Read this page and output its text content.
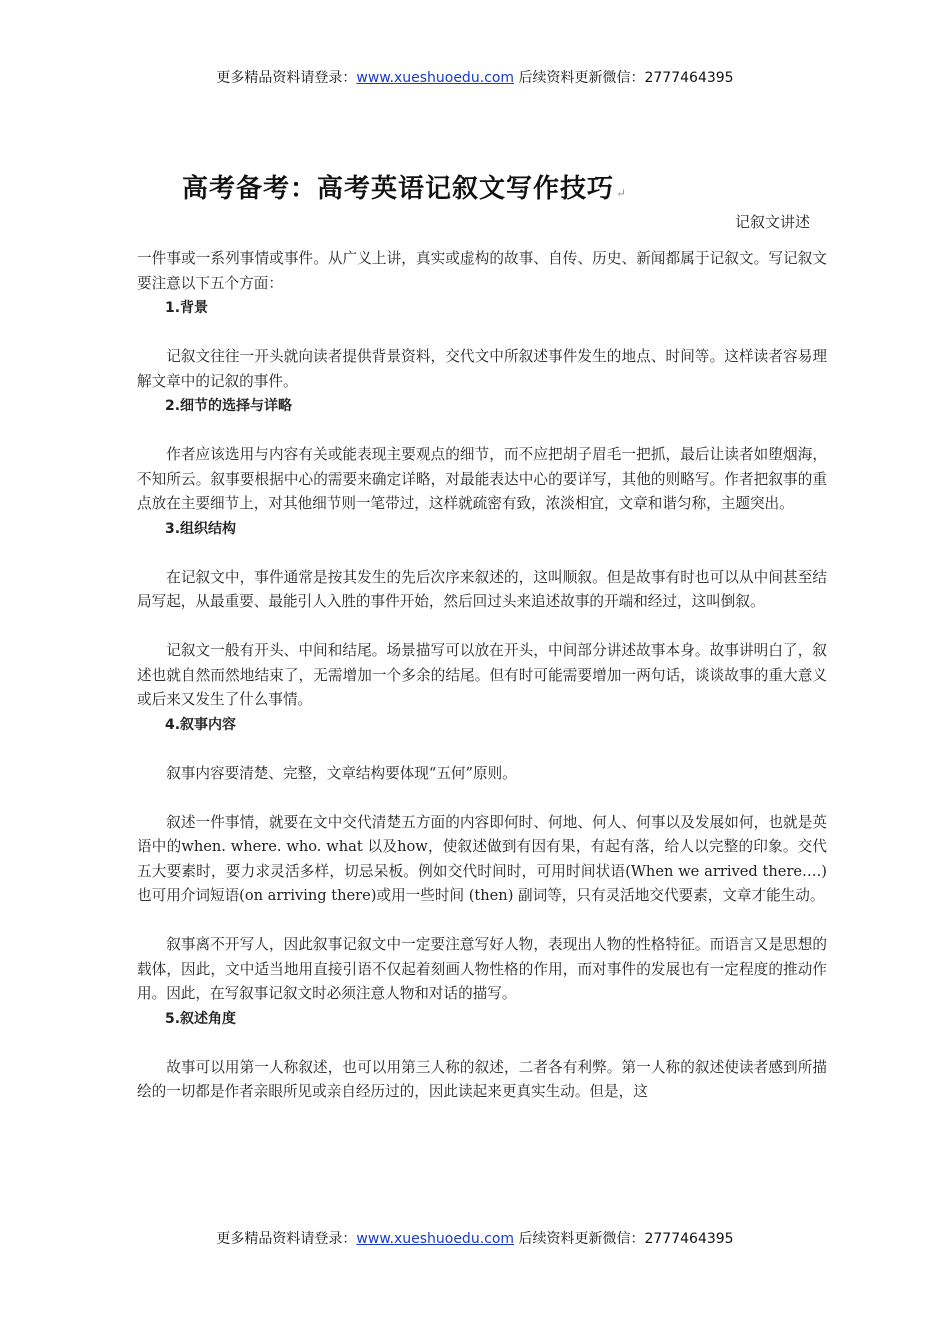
更多精品资料请登录：www.xueshuoedu.com 后续资料更新微信：2777464395
高考备考：高考英语记叙文写作技巧 ↵
记叙文讲述

一件事或一系列事情或事件。从广义上讲，真实或虚构的故事、自传、历史、新闻都属于记叙文。写记叙文要注意以下五个方面：

1.背景

记叙文往往一开头就向读者提供背景资料，交代文中所叙述事件发生的地点、时间等。这样读者容易理解文章中的记叙的事件。

2.细节的选择与详略

作者应该选用与内容有关或能表现主要观点的细节，而不应把胡子眉毛一把抓，最后让读者如堕烟海，不知所云。叙事要根据中心的需要来确定详略，对最能表达中心的要详写，其他的则略写。作者把叙事的重点放在主要细节上，对其他细节则一笔带过，这样就疏密有致，浓淡相宜，文章和谐匀称，主题突出。

3.组织结构

在记叙文中，事件通常是按其发生的先后次序来叙述的，这叫顺叙。但是故事有时也可以从中间甚至结局写起，从最重要、最能引人入胜的事件开始，然后回过头来追述故事的开端和经过，这叫倒叙。

记叙文一般有开头、中间和结尾。场景描写可以放在开头，中间部分讲述故事本身。故事讲明白了，叙述也就自然而然地结束了，无需增加一个多余的结尾。但有时可能需要增加一两句话，谈谈故事的重大意义或后来又发生了什么事情。

4.叙事内容

叙事内容要清楚、完整，文章结构要体现“五何”原则。

叙述一件事情，就要在文中交代清楚五方面的内容即何时、何地、何人、何事以及发展如何，也就是英语中的when. where. who. what 以及how，使叙述做到有因有果，有起有落，给人以完整的印象。交代五大要素时，要力求灵活多样，切忌呆板。例如交代时间时，可用时间状语(When we arrived there….) 也可用介词短语(on arriving there)或用一些时间 (then) 副词等，只有灵活地交代要素，文章才能生动。

叙事离不开写人，因此叙事记叙文中一定要注意写好人物，表现出人物的性格特征。而语言又是思想的载体，因此，文中适当地用直接引语不仅起着刻画人物性格的作用，而对事件的发展也有一定程度的推动作用。因此，在写叙事记叙文时必须注意人物和对话的描写。

5.叙述角度

故事可以用第一人称叙述，也可以用第三人称的叙述，二者各有利弊。第一人称的叙述使读者感到所描绘的一切都是作者亲眼所见或亲自经历过的，因此读起来更真实生动。但是，这

更多精品资料请登录：www.xueshuoedu.com 后续资料更新微信：2777464395
